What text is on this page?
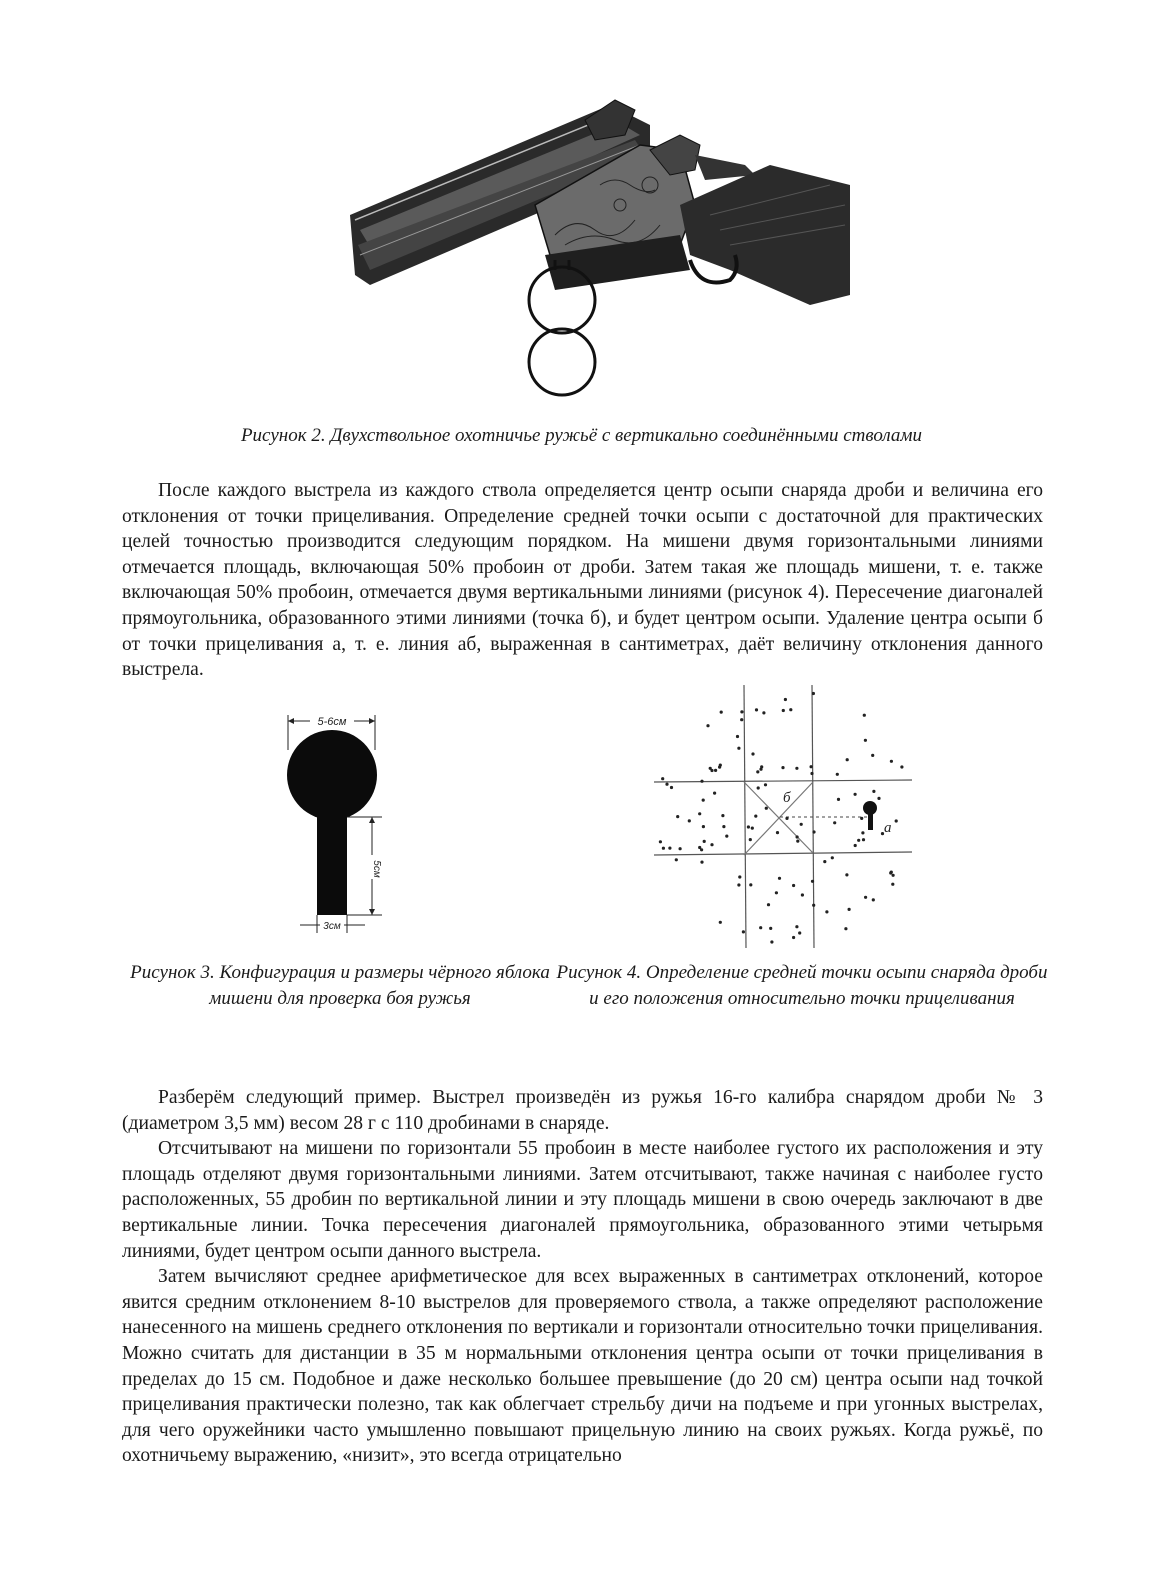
Рисунок 2. Двухствольное охотничье ружьё с вертикально соединёнными стволами

После каждого выстрела из каждого ствола определяется центр осыпи снаряда дроби и величина его отклонения от точки прицеливания. Определение средней точки осыпи с достаточной для практических целей точностью производится следующим порядком. На мишени двумя горизонтальными линиями отмечается площадь, включающая 50% пробоин от дроби. Затем такая же площадь мишени, т. е. также включающая 50% пробоин, отмечается двумя вертикальными линиями (рисунок 4). Пересечение диагоналей прямоугольника, образованного этими линиями (точка б), и будет центром осыпи. Удаление центра осыпи б от точки прицеливания а, т. е. линия аб, выраженная в сантиметрах, даёт величину отклонения данного выстрела.

5-6см
5см
3см
б
а
Рисунок 3. Конфигурация и размеры чёрного яблока мишени для проверка боя ружья
Рисунок 4. Определение средней точки осыпи снаряда дроби и его положения относительно точки прицеливания

Разберём следующий пример. Выстрел произведён из ружья 16-го калибра снарядом дроби № 3 (диаметром 3,5 мм) весом 28 г с 110 дробинами в снаряде.

Отсчитывают на мишени по горизонтали 55 пробоин в месте наиболее густого их расположения и эту площадь отделяют двумя горизонтальными линиями. Затем отсчитывают, также начиная с наиболее густо расположенных, 55 дробин по вертикальной линии и эту площадь мишени в свою очередь заключают в две вертикальные линии. Точка пересечения диагоналей прямоугольника, образованного этими четырьмя линиями, будет центром осыпи данного выстрела.

Затем вычисляют среднее арифметическое для всех выраженных в сантиметрах отклонений, которое явится средним отклонением 8-10 выстрелов для проверяемого ствола, а также определяют расположение нанесенного на мишень среднего отклонения по вертикали и горизонтали относительно точки прицеливания. Можно считать для дистанции в 35 м нормальными отклонения центра осыпи от точки прицеливания в пределах до 15 см. Подобное и даже несколько большее превышение (до 20 см) центра осыпи над точкой прицеливания практически полезно, так как облегчает стрельбу дичи на подъеме и при угонных выстрелах, для чего оружейники часто умышленно повышают прицельную линию на своих ружьях. Когда ружьё, по охотничьему выражению, «низит», это всегда отрицательно
